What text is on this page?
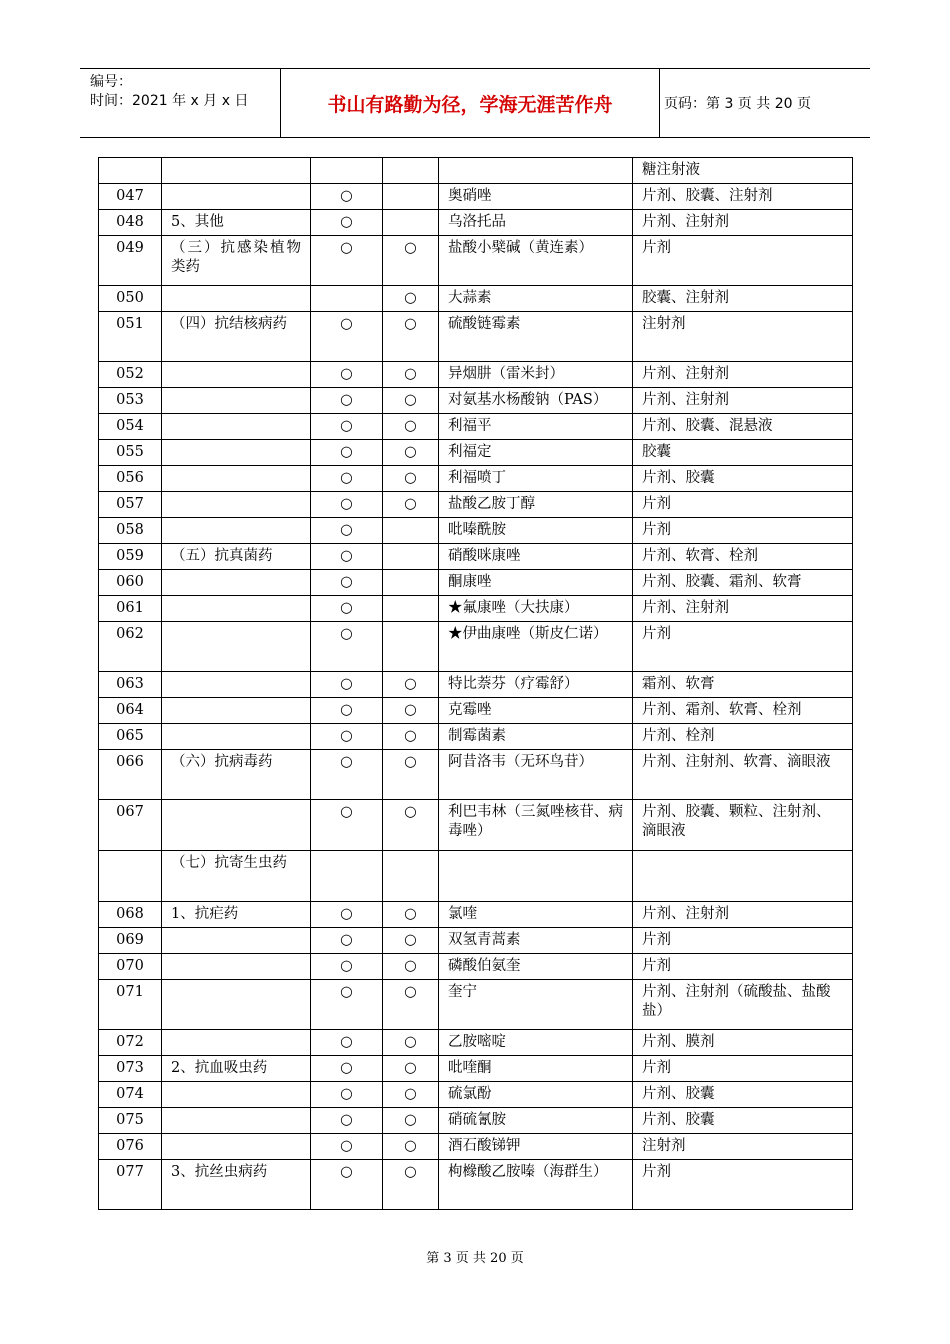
编号：
时间：2021 年 x 月 x 日	书山有路勤为径，学海无涯苦作舟	页码：第 3 页 共 20 页
					糖注射液
047		○		奥硝唑	片剂、胶囊、注射剂
048	5、其他	○		乌洛托品	片剂、注射剂
049	（三）抗感染植物类药	○	○	盐酸小檗碱（黄连素）	片剂
050			○	大蒜素	胶囊、注射剂
051	（四）抗结核病药	○	○	硫酸链霉素	注射剂
052		○	○	异烟肼（雷米封）	片剂、注射剂
053		○	○	对氨基水杨酸钠（PAS）	片剂、注射剂
054		○	○	利福平	片剂、胶囊、混悬液
055		○	○	利福定	胶囊
056		○	○	利福喷丁	片剂、胶囊
057		○	○	盐酸乙胺丁醇	片剂
058		○		吡嗪酰胺	片剂
059	（五）抗真菌药	○		硝酸咪康唑	片剂、软膏、栓剂
060		○		酮康唑	片剂、胶囊、霜剂、软膏
061		○		★氟康唑（大扶康）	片剂、注射剂
062		○		★伊曲康唑（斯皮仁诺）	片剂
063		○	○	特比萘芬（疗霉舒）	霜剂、软膏
064		○	○	克霉唑	片剂、霜剂、软膏、栓剂
065		○	○	制霉菌素	片剂、栓剂
066	（六）抗病毒药	○	○	阿昔洛韦（无环鸟苷）	片剂、注射剂、软膏、滴眼液
067		○	○	利巴韦林（三氮唑核苷、病毒唑）	片剂、胶囊、颗粒、注射剂、滴眼液
	（七）抗寄生虫药				
068	1、抗疟药	○	○	氯喹	片剂、注射剂
069		○	○	双氢青蒿素	片剂
070		○	○	磷酸伯氨奎	片剂
071		○	○	奎宁	片剂、注射剂（硫酸盐、盐酸盐）
072		○	○	乙胺嘧啶	片剂、膜剂
073	2、抗血吸虫药	○	○	吡喹酮	片剂
074		○	○	硫氯酚	片剂、胶囊
075		○	○	硝硫氰胺	片剂、胶囊
076		○	○	酒石酸锑钾	注射剂
077	3、抗丝虫病药	○	○	枸橼酸乙胺嗪（海群生）	片剂
第 3 页 共 20 页
